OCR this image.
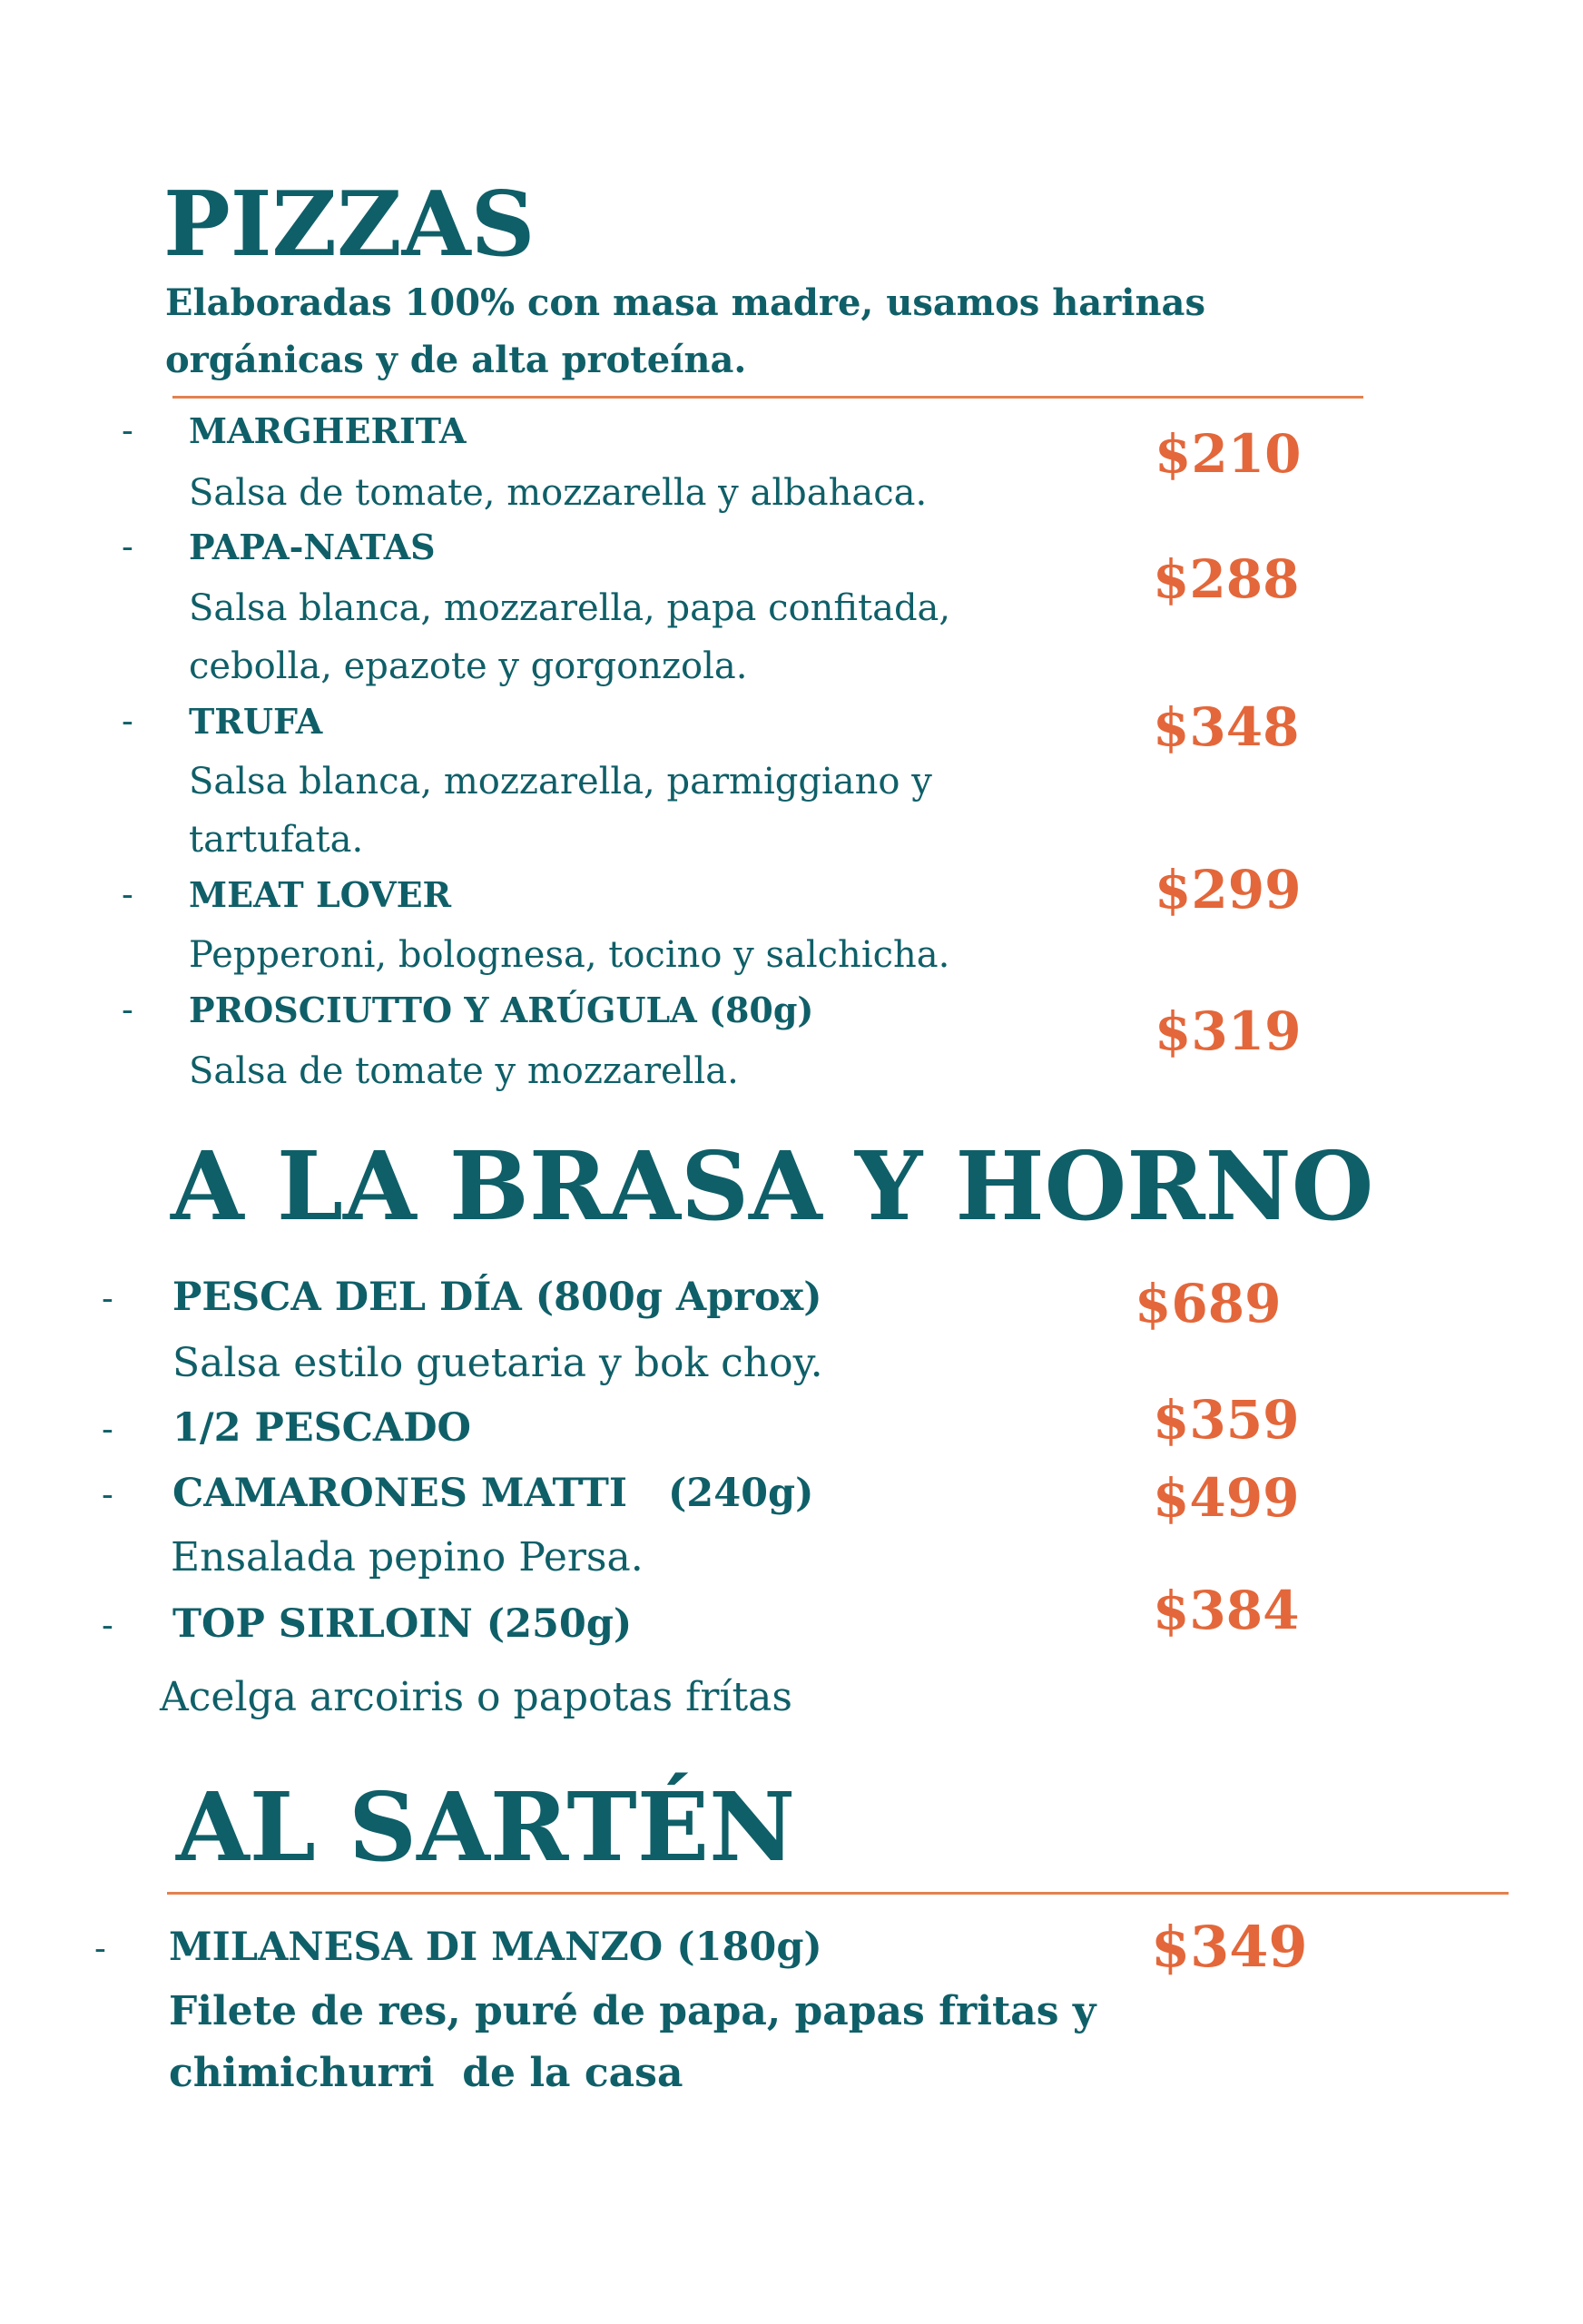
PIZZAS
Elaboradas 100% con masa madre, usamos harinas
orgánicas y de alta proteína.
- MARGHERITA
Salsa de tomate, mozzarella y albahaca.
$210
- PAPA-NATAS
Salsa blanca, mozzarella, papa confitada,
cebolla, epazote y gorgonzola.
$288
- TRUFA
Salsa blanca, mozzarella, parmiggiano y
tartufata.
$348
- MEAT LOVER
Pepperoni, bolognesa, tocino y salchicha.
$299
- PROSCIUTTO Y ARÚGULA (80g)
Salsa de tomate y mozzarella.
$319
A LA BRASA Y HORNO
- PESCA DEL DÍA (800g Aprox)
Salsa estilo guetaria y bok choy.
$689
- 1/2 PESCADO	$359
- CAMARONES MATTI   (240g)
Ensalada pepino Persa.
$499
- TOP SIRLOIN (250g)
Acelga arcoiris o papotas frítas
$384
AL SARTÉN
- MILANESA DI MANZO (180g)
Filete de res, puré de papa, papas fritas y
chimichurri  de la casa
$349
